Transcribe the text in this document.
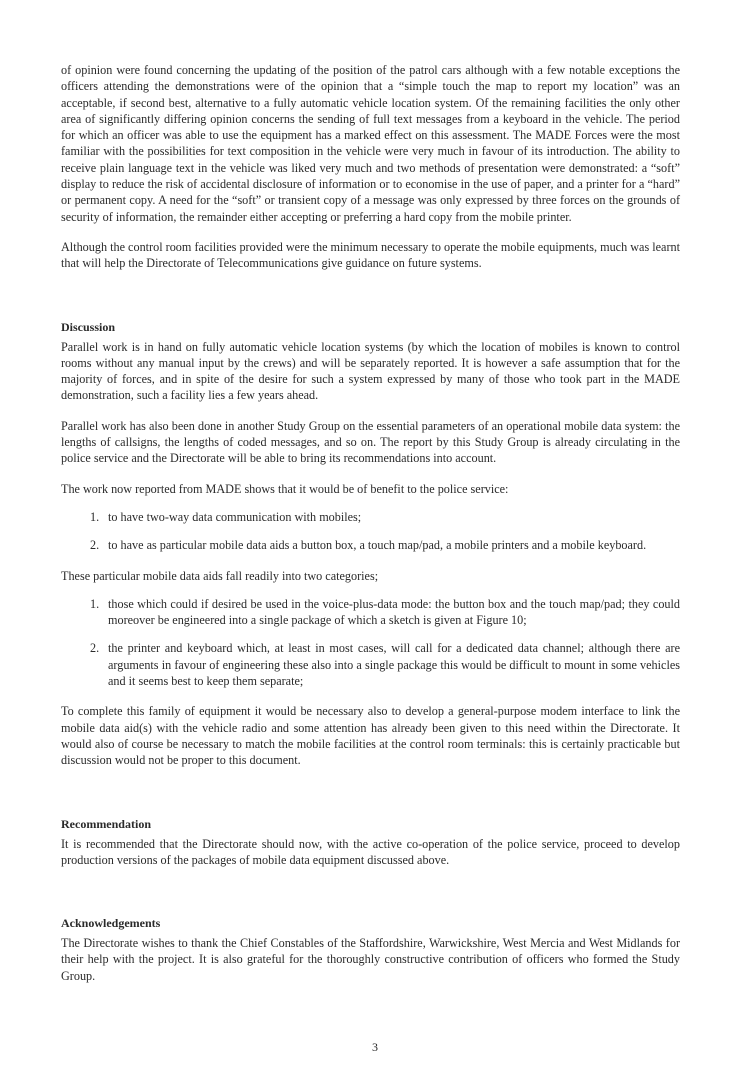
of opinion were found concerning the updating of the position of the patrol cars although with a few notable exceptions the officers attending the demonstrations were of the opinion that a “simple touch the map to report my location” was an acceptable, if second best, alternative to a fully automatic vehicle location system. Of the remaining facilities the only other area of significantly differing opinion concerns the sending of full text messages from a keyboard in the vehicle. The period for which an officer was able to use the equipment has a marked effect on this assessment. The MADE Forces were the most familiar with the possibilities for text composition in the vehicle were very much in favour of its introduction. The ability to receive plain language text in the vehicle was liked very much and two methods of presentation were demonstrated: a “soft” display to reduce the risk of accidental disclosure of information or to economise in the use of paper, and a printer for a “hard” or permanent copy. A need for the “soft” or transient copy of a message was only expressed by three forces on the grounds of security of information, the remainder either accepting or preferring a hard copy from the mobile printer.

Although the control room facilities provided were the minimum necessary to operate the mobile equipments, much was learnt that will help the Directorate of Telecommunications give guidance on future systems.

Discussion

Parallel work is in hand on fully automatic vehicle location systems (by which the location of mobiles is known to control rooms without any manual input by the crews) and will be separately reported. It is however a safe assumption that for the majority of forces, and in spite of the desire for such a system expressed by many of those who took part in the MADE demonstration, such a facility lies a few years ahead.

Parallel work has also been done in another Study Group on the essential parameters of an operational mobile data system: the lengths of callsigns, the lengths of coded messages, and so on. The report by this Study Group is already circulating in the police service and the Directorate will be able to bring its recommendations into account.

The work now reported from MADE shows that it would be of benefit to the police service:

1. to have two-way data communication with mobiles;
2. to have as particular mobile data aids a button box, a touch map/pad, a mobile printers and a mobile keyboard.

These particular mobile data aids fall readily into two categories;

1. those which could if desired be used in the voice-plus-data mode: the button box and the touch map/pad; they could moreover be engineered into a single package of which a sketch is given at Figure 10;
2. the printer and keyboard which, at least in most cases, will call for a dedicated data channel; although there are arguments in favour of engineering these also into a single package this would be difficult to mount in some vehicles and it seems best to keep them separate;

To complete this family of equipment it would be necessary also to develop a general-purpose modem interface to link the mobile data aid(s) with the vehicle radio and some attention has already been given to this need within the Directorate. It would also of course be necessary to match the mobile facilities at the control room terminals: this is certainly practicable but discussion would not be proper to this document.

Recommendation

It is recommended that the Directorate should now, with the active co-operation of the police service, proceed to develop production versions of the packages of mobile data equipment discussed above.

Acknowledgements

The Directorate wishes to thank the Chief Constables of the Staffordshire, Warwickshire, West Mercia and West Midlands for their help with the project. It is also grateful for the thoroughly constructive contribution of officers who formed the Study Group.

3
